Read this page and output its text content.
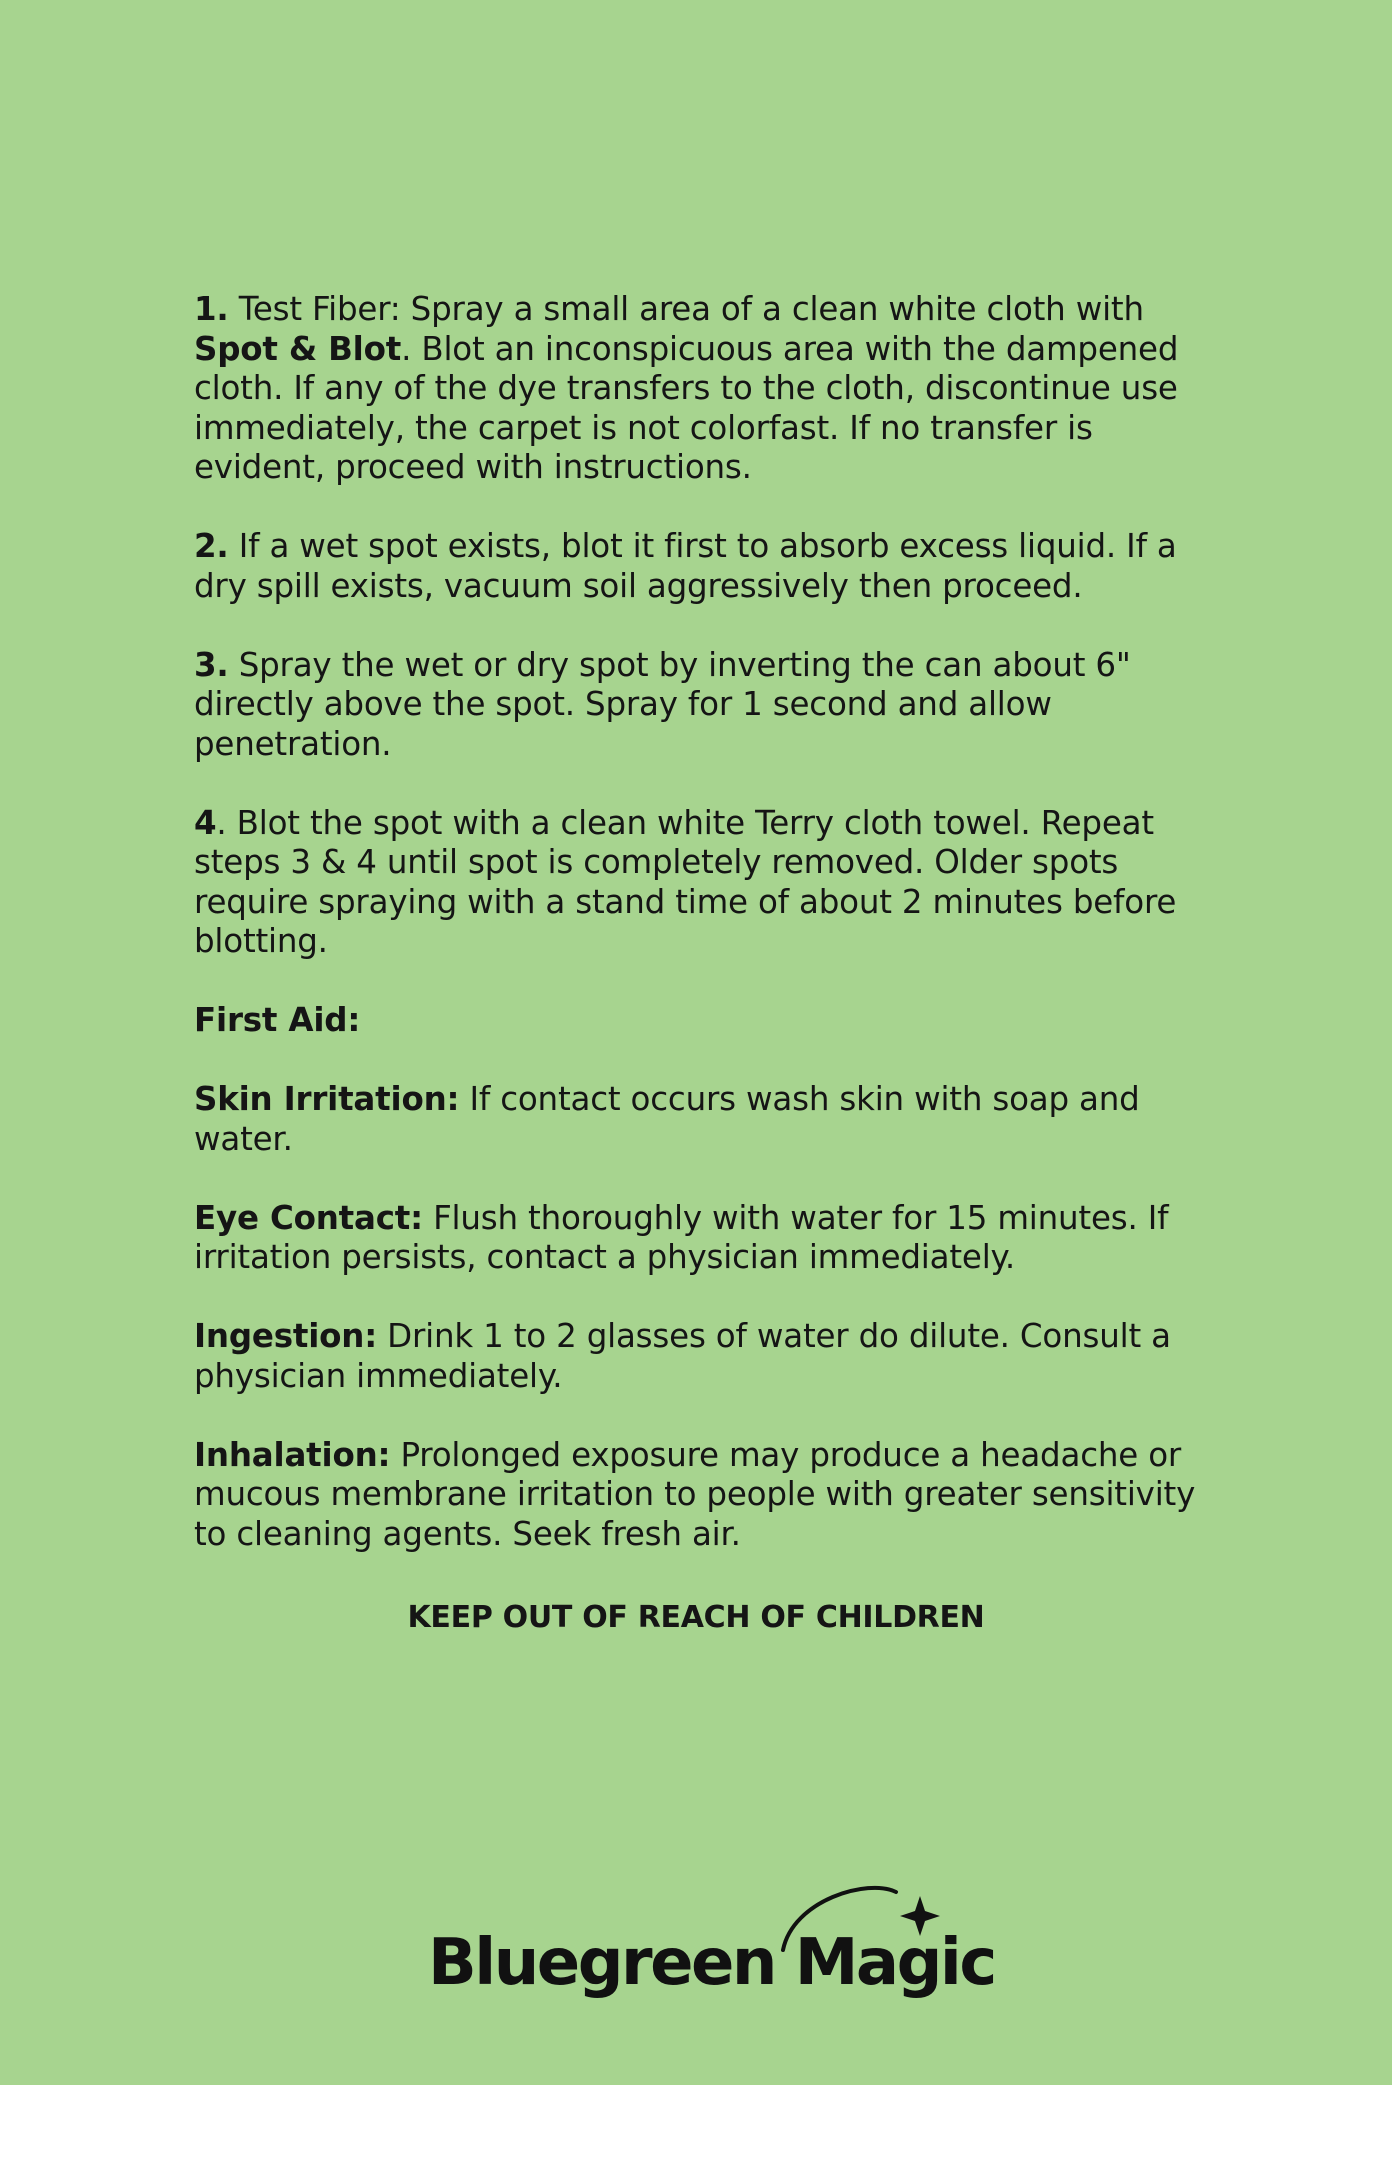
1. Test Fiber: Spray a small area of a clean white cloth with Spot & Blot. Blot an inconspicuous area with the dampened cloth. If any of the dye transfers to the cloth, discontinue use immediately, the carpet is not colorfast. If no transfer is evident, proceed with instructions.

2. If a wet spot exists, blot it first to absorb excess liquid. If a dry spill exists, vacuum soil aggressively then proceed.

3. Spray the wet or dry spot by inverting the can about 6" directly above the spot. Spray for 1 second and allow penetration.

4. Blot the spot with a clean white Terry cloth towel. Repeat steps 3 & 4 until spot is completely removed. Older spots require spraying with a stand time of about 2 minutes before blotting.

First Aid:

Skin Irritation: If contact occurs wash skin with soap and water.

Eye Contact: Flush thoroughly with water for 15 minutes. If irritation persists, contact a physician immediately.

Ingestion: Drink 1 to 2 glasses of water do dilute. Consult a physician immediately.

Inhalation: Prolonged exposure may produce a headache or mucous membrane irritation to people with greater sensitivity to cleaning agents. Seek fresh air.

KEEP OUT OF REACH OF CHILDREN
Bluegreen Magic
